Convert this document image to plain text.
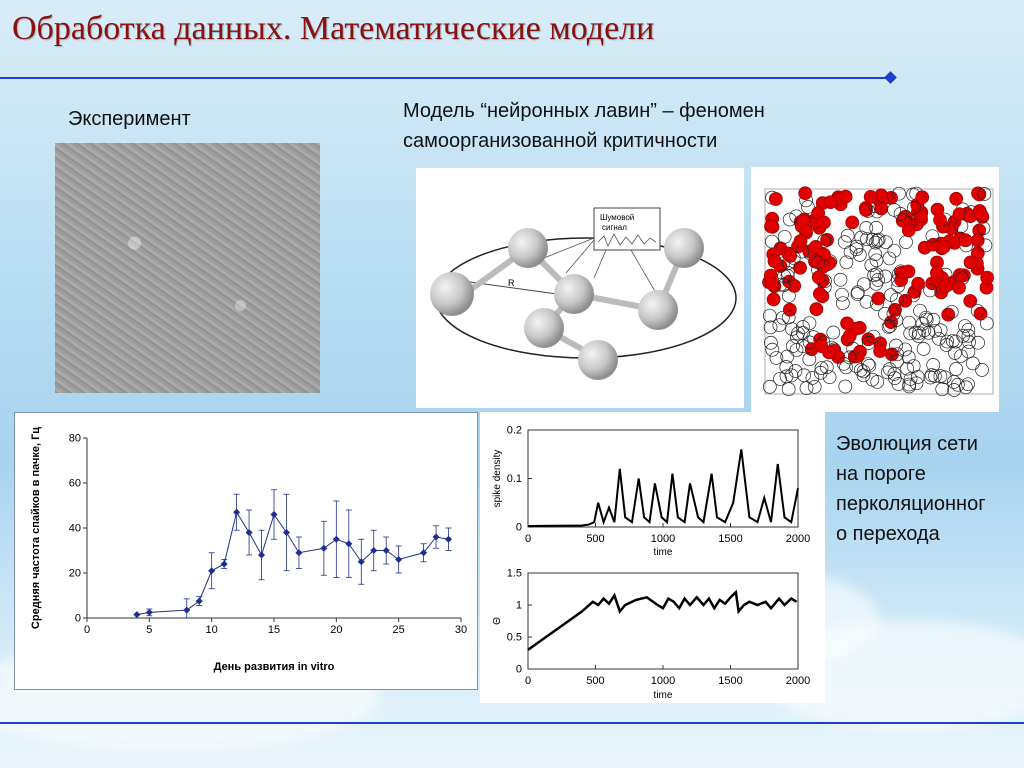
Обработка данных. Математические модели
Эксперимент	Модель “нейронных лавин” – феномен
самоорганизованной критичности
Эволюция сети
на пороге
перколяционног
о перехода
R
Шумовой
сигнал
0	5	10	15	20	25	30
0
20
40
60
80
День развития in vitro
Средняя частота спайков в пачке, Гц	0	500	1000	1500	2000
0
0.1
0.2
time
spike density
0	500	1000	1500	2000
0
0.5
1
1.5
time
Θ
